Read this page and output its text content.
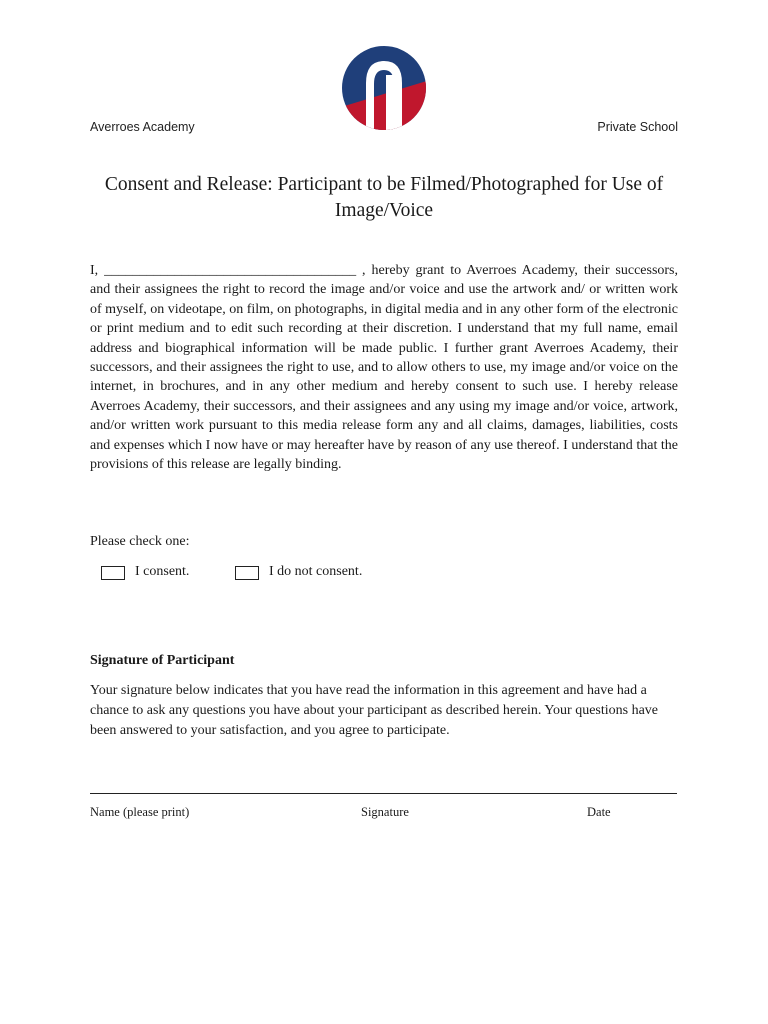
Averroes Academy	Private School
Consent and Release: Participant to be Filmed/Photographed for Use of Image/Voice
I, ____________________________________ , hereby grant to Averroes Academy, their successors, and their assignees the right to record the image and/or voice and use the artwork and/ or written work of myself, on videotape, on film, on photographs, in digital media and in any other form of the electronic or print medium and to edit such recording at their discretion. I understand that my full name, email address and biographical information will be made public. I further grant Averroes Academy, their successors, and their assignees the right to use, and to allow others to use, my image and/or voice on the internet, in brochures, and in any other medium and hereby consent to such use. I hereby release Averroes Academy, their successors, and their assignees and any using my image and/or voice, artwork, and/or written work pursuant to this media release form any and all claims, damages, liabilities, costs and expenses which I now have or may hereafter have by reason of any use thereof. I understand that the provisions of this release are legally binding.
Please check one:
I consent.	I do not consent.
Signature of Participant
Your signature below indicates that you have read the information in this agreement and have had a chance to ask any questions you have about your participant as described herein. Your questions have been answered to your satisfaction, and you agree to participate.
Name (please print)	Signature	Date
